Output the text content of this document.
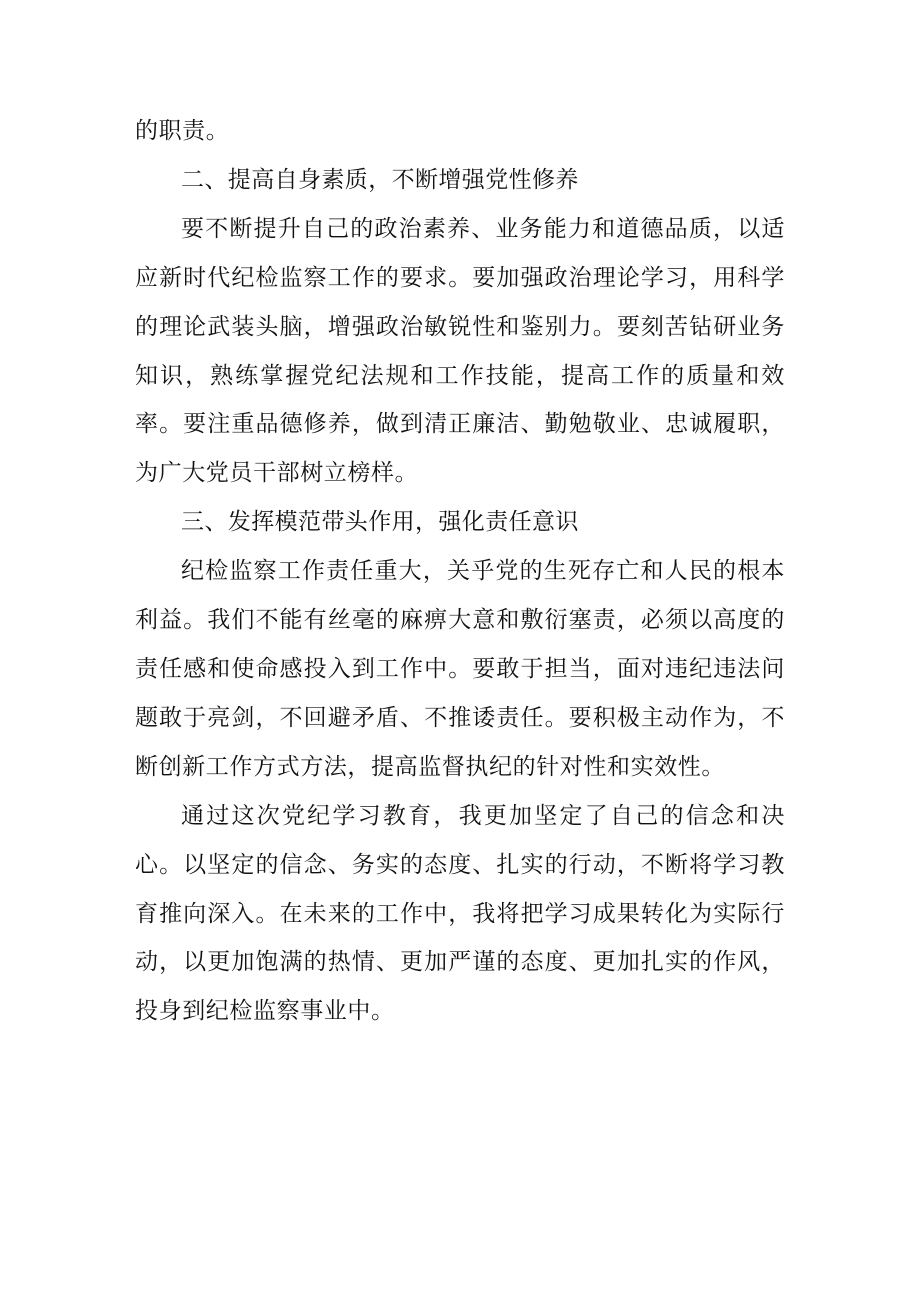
的职责。

二、提高自身素质，不断增强党性修养

要不断提升自己的政治素养、业务能力和道德品质，以适应新时代纪检监察工作的要求。要加强政治理论学习，用科学的理论武装头脑，增强政治敏锐性和鉴别力。要刻苦钻研业务知识，熟练掌握党纪法规和工作技能，提高工作的质量和效率。要注重品德修养，做到清正廉洁、勤勉敬业、忠诚履职，为广大党员干部树立榜样。

三、发挥模范带头作用，强化责任意识

纪检监察工作责任重大，关乎党的生死存亡和人民的根本利益。我们不能有丝毫的麻痹大意和敷衍塞责，必须以高度的责任感和使命感投入到工作中。要敢于担当，面对违纪违法问题敢于亮剑，不回避矛盾、不推诿责任。要积极主动作为，不断创新工作方式方法，提高监督执纪的针对性和实效性。

通过这次党纪学习教育，我更加坚定了自己的信念和决心。以坚定的信念、务实的态度、扎实的行动，不断将学习教育推向深入。在未来的工作中，我将把学习成果转化为实际行动，以更加饱满的热情、更加严谨的态度、更加扎实的作风，投身到纪检监察事业中。
